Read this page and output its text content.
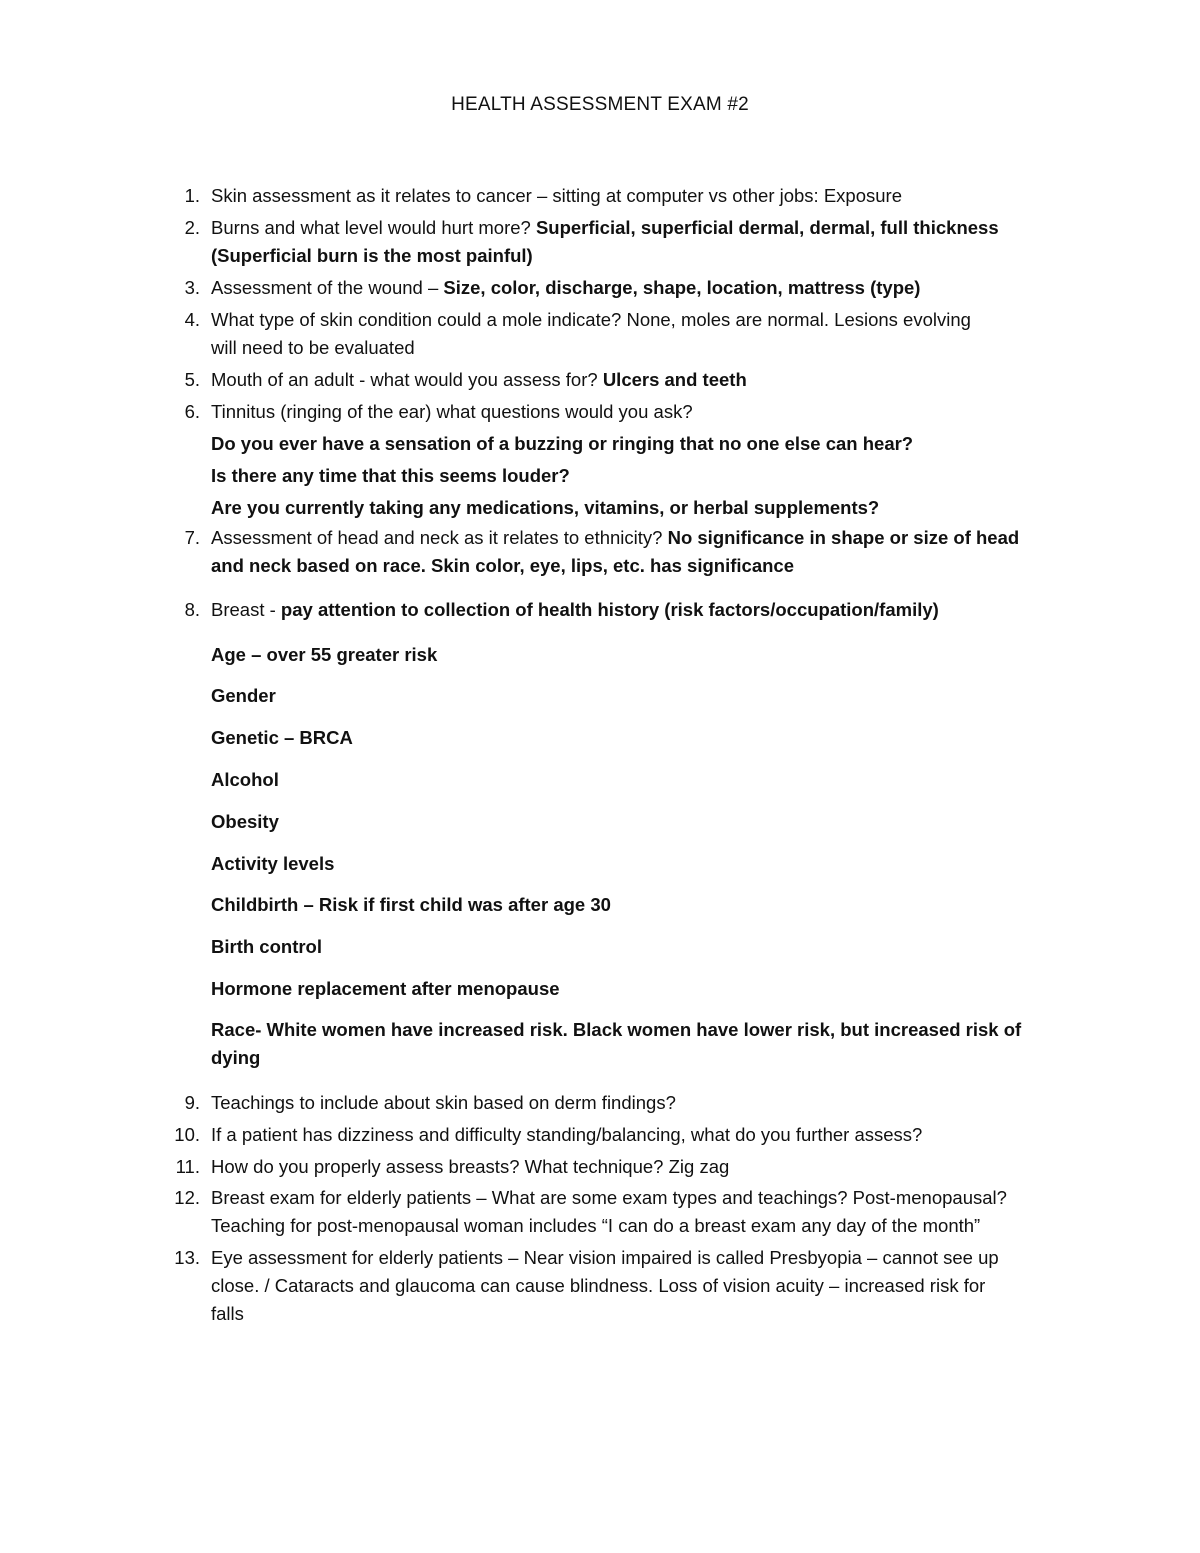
HEALTH ASSESSMENT EXAM #2
1. Skin assessment as it relates to cancer – sitting at computer vs other jobs: Exposure
2. Burns and what level would hurt more? Superficial, superficial dermal, dermal, full thickness
(Superficial burn is the most painful)
3. Assessment of the wound – Size, color, discharge, shape, location, mattress (type)
4. What type of skin condition could a mole indicate? None, moles are normal. Lesions evolving
will need to be evaluated
5. Mouth of an adult - what would you assess for? Ulcers and teeth
6. Tinnitus (ringing of the ear) what questions would you ask?
Do you ever have a sensation of a buzzing or ringing that no one else can hear?
Is there any time that this seems louder?
Are you currently taking any medications, vitamins, or herbal supplements?
7. Assessment of head and neck as it relates to ethnicity? No significance in shape or size of head
and neck based on race. Skin color, eye, lips, etc. has significance
8. Breast - pay attention to collection of health history (risk factors/occupation/family)
Age – over 55 greater risk
Gender
Genetic – BRCA
Alcohol
Obesity
Activity levels
Childbirth – Risk if first child was after age 30
Birth control
Hormone replacement after menopause
Race- White women have increased risk. Black women have lower risk, but increased risk of
dying
9. Teachings to include about skin based on derm findings?
10. If a patient has dizziness and difficulty standing/balancing, what do you further assess?
11. How do you properly assess breasts? What technique? Zig zag
12. Breast exam for elderly patients – What are some exam types and teachings? Post-menopausal?
Teaching for post-menopausal woman includes “I can do a breast exam any day of the month”
13. Eye assessment for elderly patients – Near vision impaired is called Presbyopia – cannot see up
close. / Cataracts and glaucoma can cause blindness. Loss of vision acuity – increased risk for
falls
